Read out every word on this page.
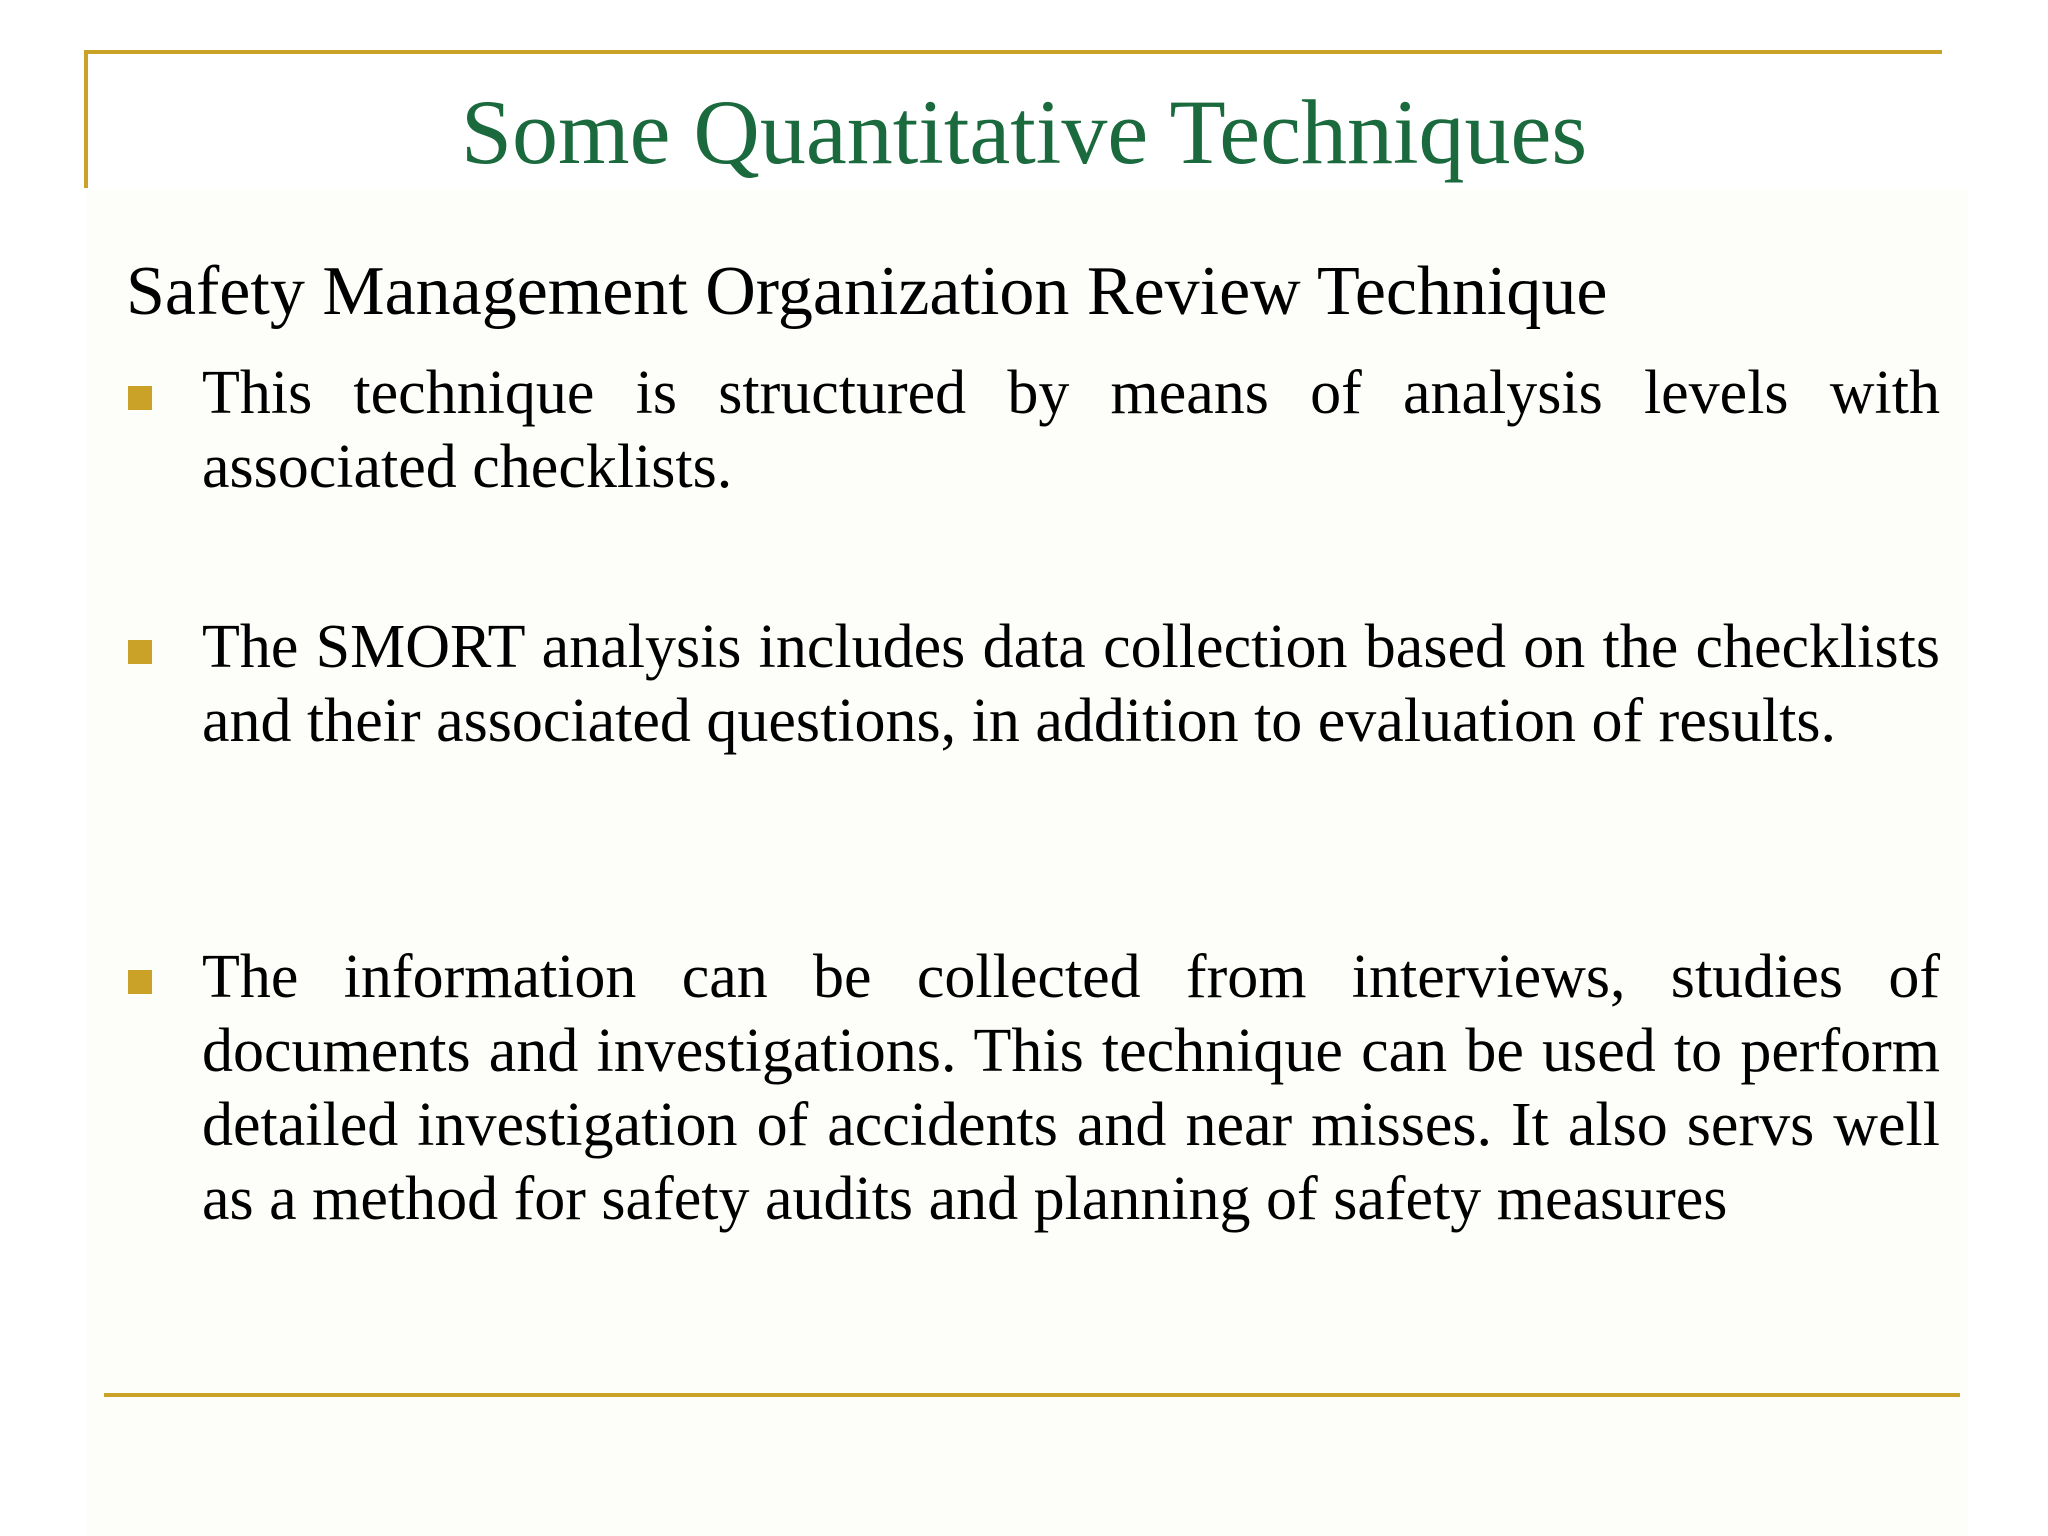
Some Quantitative Techniques
Safety Management Organization Review Technique
This technique is structured by means of analysis levels with associated checklists.
The SMORT analysis includes data collection based on the checklists and their associated questions, in addition to evaluation of results.
The information can be collected from interviews, studies of documents and investigations. This technique can be used to perform detailed investigation of accidents and near misses. It also servs well as a method for safety audits and planning of safety measures
